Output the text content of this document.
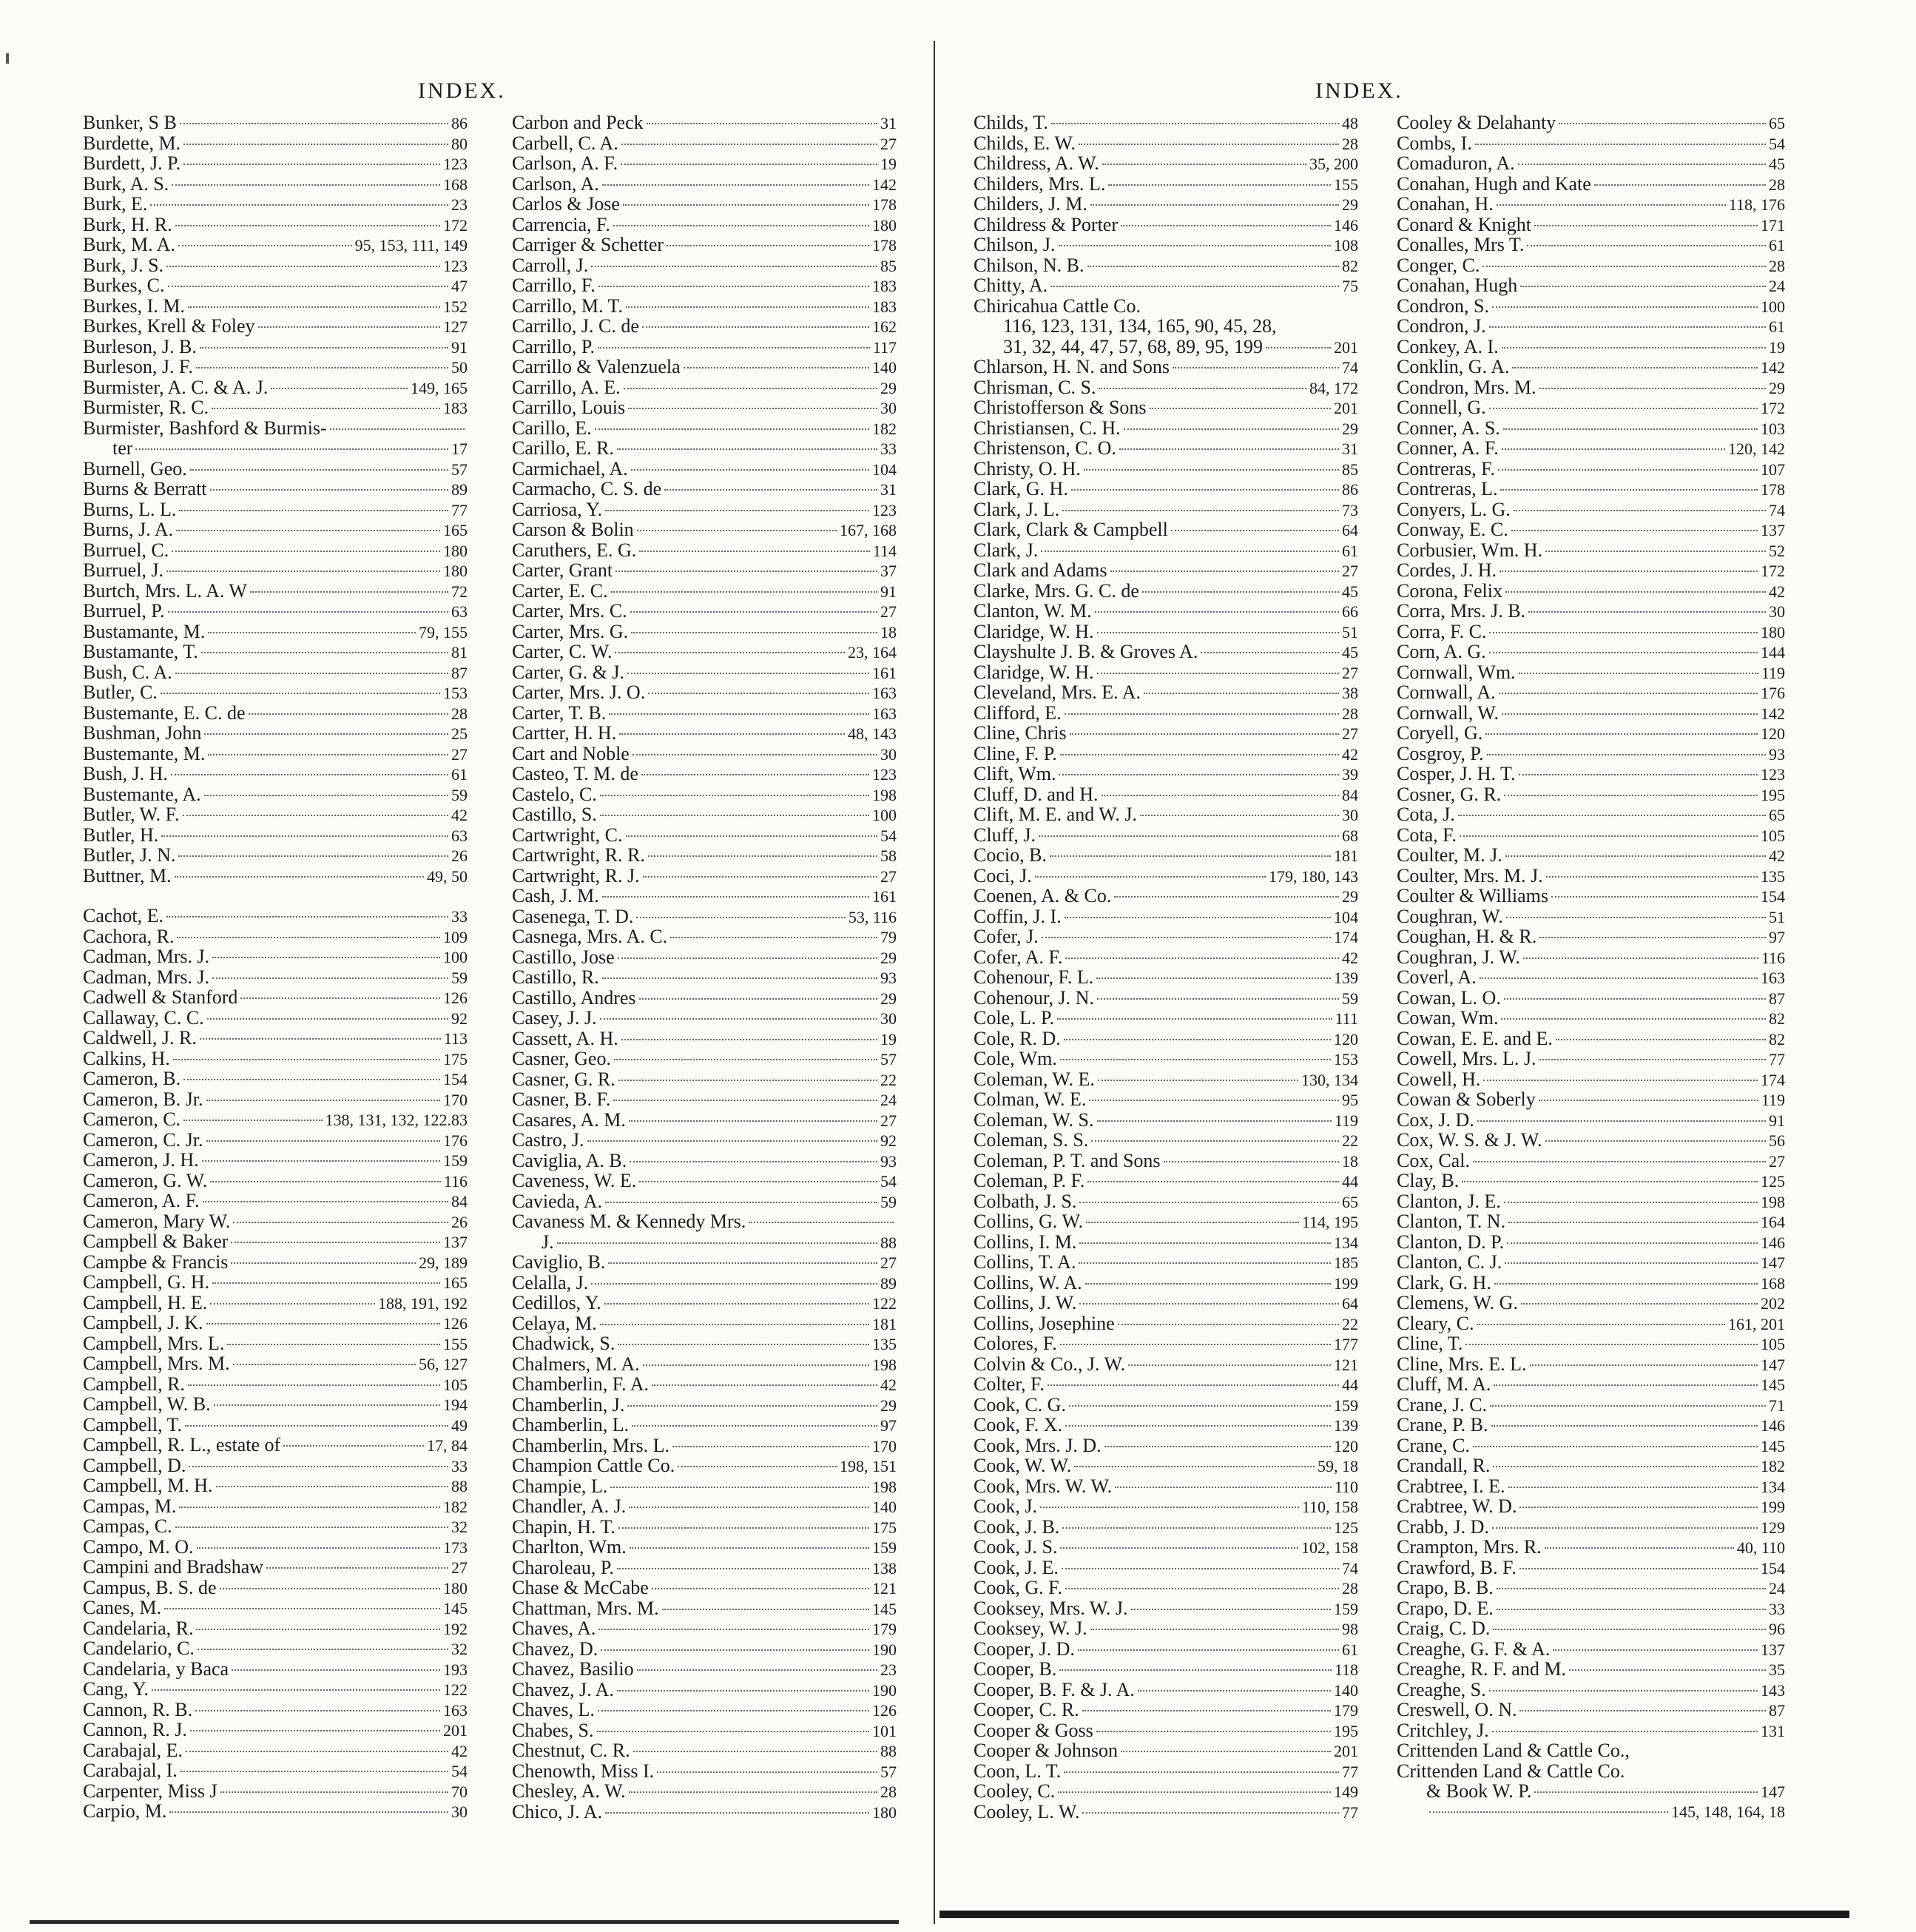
INDEX.	INDEX.
Bunker, S B	86
Burdette, M.	80
Burdett, J. P.	123
Burk, A. S.	168
Burk, E.	23
Burk, H. R.	172
Burk, M. A.	95, 153, 111, 149
Burk, J. S.	123
Burkes, C.	47
Burkes, I. M.	152
Burkes, Krell & Foley	127
Burleson, J. B.	91
Burleson, J. F.	50
Burmister, A. C. & A. J.	149, 165
Burmister, R. C.	183
Burmister, Bashford & Burmis-
ter	17
Burnell, Geo.	57
Burns & Berratt	89
Burns, L. L.	77
Burns, J. A.	165
Burruel, C.	180
Burruel, J.	180
Burtch, Mrs. L. A. W	72
Burruel, P.	63
Bustamante, M.	79, 155
Bustamante, T.	81
Bush, C. A.	87
Butler, C.	153
Bustemante, E. C. de	28
Bushman, John	25
Bustemante, M.	27
Bush, J. H.	61
Bustemante, A.	59
Butler, W. F.	42
Butler, H.	63
Butler, J. N.	26
Buttner, M.	49, 50
Cachot, E.	33
Cachora, R.	109
Cadman, Mrs. J.	100
Cadman, Mrs. J.	59
Cadwell & Stanford	126
Callaway, C. C.	92
Caldwell, J. R.	113
Calkins, H.	175
Cameron, B.	154
Cameron, B. Jr.	170
Cameron, C.	138, 131, 132, 122.83
Cameron, C. Jr.	176
Cameron, J. H.	159
Cameron, G. W.	116
Cameron, A. F.	84
Cameron, Mary W.	26
Campbell & Baker	137
Campbe & Francis	29, 189
Campbell, G. H.	165
Campbell, H. E.	188, 191, 192
Campbell, J. K.	126
Campbell, Mrs. L.	155
Campbell, Mrs. M.	56, 127
Campbell, R.	105
Campbell, W. B.	194
Campbell, T.	49
Campbell, R. L., estate of	17, 84
Campbell, D.	33
Campbell, M. H.	88
Campas, M.	182
Campas, C.	32
Campo, M. O.	173
Campini and Bradshaw	27
Campus, B. S. de	180
Canes, M.	145
Candelaria, R.	192
Candelario, C.	32
Candelaria, y Baca	193
Cang, Y.	122
Cannon, R. B.	163
Cannon, R. J.	201
Carabajal, E.	42
Carabajal, I.	54
Carpenter, Miss J	70
Carpio, M.	30
Carbon and Peck	31
Carbell, C. A.	27
Carlson, A. F.	19
Carlson, A.	142
Carlos & Jose	178
Carrencia, F.	180
Carriger & Schetter	178
Carroll, J.	85
Carrillo, F.	183
Carrillo, M. T.	183
Carrillo, J. C. de	162
Carrillo, P.	117
Carrillo & Valenzuela	140
Carrillo, A. E.	29
Carrillo, Louis	30
Carillo, E.	182
Carillo, E. R.	33
Carmichael, A.	104
Carmacho, C. S. de	31
Carriosa, Y.	123
Carson & Bolin	167, 168
Caruthers, E. G.	114
Carter, Grant	37
Carter, E. C.	91
Carter, Mrs. C.	27
Carter, Mrs. G.	18
Carter, C. W.	23, 164
Carter, G. & J.	161
Carter, Mrs. J. O.	163
Carter, T. B.	163
Cartter, H. H.	48, 143
Cart and Noble	30
Casteo, T. M. de	123
Castelo, C.	198
Castillo, S.	100
Cartwright, C.	54
Cartwright, R. R.	58
Cartwright, R. J.	27
Cash, J. M.	161
Casenega, T. D.	53, 116
Casnega, Mrs. A. C.	79
Castillo, Jose	29
Castillo, R.	93
Castillo, Andres	29
Casey, J. J.	30
Cassett, A. H.	19
Casner, Geo.	57
Casner, G. R.	22
Casner, B. F.	24
Casares, A. M.	27
Castro, J.	92
Caviglia, A. B.	93
Caveness, W. E.	54
Cavieda, A.	59
Cavaness M. & Kennedy Mrs.
J.	88
Caviglio, B.	27
Celalla, J.	89
Cedillos, Y.	122
Celaya, M.	181
Chadwick, S.	135
Chalmers, M. A.	198
Chamberlin, F. A.	42
Chamberlin, J.	29
Chamberlin, L.	97
Chamberlin, Mrs. L.	170
Champion Cattle Co.	198, 151
Champie, L.	198
Chandler, A. J.	140
Chapin, H. T.	175
Charlton, Wm.	159
Charoleau, P.	138
Chase & McCabe	121
Chattman, Mrs. M.	145
Chaves, A.	179
Chavez, D.	190
Chavez, Basilio	23
Chavez, J. A.	190
Chaves, L.	126
Chabes, S.	101
Chestnut, C. R.	88
Chenowth, Miss I.	57
Chesley, A. W.	28
Chico, J. A.	180
Childs, T.	48
Childs, E. W.	28
Childress, A. W.	35, 200
Childers, Mrs. L.	155
Childers, J. M.	29
Childress & Porter	146
Chilson, J.	108
Chilson, N. B.	82
Chitty, A.	75
Chiricahua Cattle Co.
116, 123, 131, 134, 165, 90, 45, 28,
31, 32, 44, 47, 57, 68, 89, 95, 199	201
Chlarson, H. N. and Sons	74
Chrisman, C. S.	84, 172
Christofferson & Sons	201
Christiansen, C. H.	29
Christenson, C. O.	31
Christy, O. H.	85
Clark, G. H.	86
Clark, J. L.	73
Clark, Clark & Campbell	64
Clark, J.	61
Clark and Adams	27
Clarke, Mrs. G. C. de	45
Clanton, W. M.	66
Claridge, W. H.	51
Clayshulte J. B. & Groves A.	45
Claridge, W. H.	27
Cleveland, Mrs. E. A.	38
Clifford, E.	28
Cline, Chris	27
Cline, F. P.	42
Clift, Wm.	39
Cluff, D. and H.	84
Clift, M. E. and W. J.	30
Cluff, J.	68
Cocio, B.	181
Coci, J.	179, 180, 143
Coenen, A. & Co.	29
Coffin, J. I.	104
Cofer, J.	174
Cofer, A. F.	42
Cohenour, F. L.	139
Cohenour, J. N.	59
Cole, L. P.	111
Cole, R. D.	120
Cole, Wm.	153
Coleman, W. E.	130, 134
Colman, W. E.	95
Coleman, W. S.	119
Coleman, S. S.	22
Coleman, P. T. and Sons	18
Coleman, P. F.	44
Colbath, J. S.	65
Collins, G. W.	114, 195
Collins, I. M.	134
Collins, T. A.	185
Collins, W. A.	199
Collins, J. W.	64
Collins, Josephine	22
Colores, F.	177
Colvin & Co., J. W.	121
Colter, F.	44
Cook, C. G.	159
Cook, F. X.	139
Cook, Mrs. J. D.	120
Cook, W. W.	59, 18
Cook, Mrs. W. W.	110
Cook, J.	110, 158
Cook, J. B.	125
Cook, J. S.	102, 158
Cook, J. E.	74
Cook, G. F.	28
Cooksey, Mrs. W. J.	159
Cooksey, W. J.	98
Cooper, J. D.	61
Cooper, B.	118
Cooper, B. F. & J. A.	140
Cooper, C. R.	179
Cooper & Goss	195
Cooper & Johnson	201
Coon, L. T.	77
Cooley, C.	149
Cooley, L. W.	77
Cooley & Delahanty	65
Combs, I.	54
Comaduron, A.	45
Conahan, Hugh and Kate	28
Conahan, H.	118, 176
Conard & Knight	171
Conalles, Mrs T.	61
Conger, C.	28
Conahan, Hugh	24
Condron, S.	100
Condron, J.	61
Conkey, A. I.	19
Conklin, G. A.	142
Condron, Mrs. M.	29
Connell, G.	172
Conner, A. S.	103
Conner, A. F.	120, 142
Contreras, F.	107
Contreras, L.	178
Conyers, L. G.	74
Conway, E. C.	137
Corbusier, Wm. H.	52
Cordes, J. H.	172
Corona, Felix	42
Corra, Mrs. J. B.	30
Corra, F. C.	180
Corn, A. G.	144
Cornwall, Wm.	119
Cornwall, A.	176
Cornwall, W.	142
Coryell, G.	120
Cosgroy, P.	93
Cosper, J. H. T.	123
Cosner, G. R.	195
Cota, J.	65
Cota, F.	105
Coulter, M. J.	42
Coulter, Mrs. M. J.	135
Coulter & Williams	154
Coughran, W.	51
Coughan, H. & R.	97
Coughran, J. W.	116
Coverl, A.	163
Cowan, L. O.	87
Cowan, Wm.	82
Cowan, E. E. and E.	82
Cowell, Mrs. L. J.	77
Cowell, H.	174
Cowan & Soberly	119
Cox, J. D.	91
Cox, W. S. & J. W.	56
Cox, Cal.	27
Clay, B.	125
Clanton, J. E.	198
Clanton, T. N.	164
Clanton, D. P.	146
Clanton, C. J.	147
Clark, G. H.	168
Clemens, W. G.	202
Cleary, C.	161, 201
Cline, T.	105
Cline, Mrs. E. L.	147
Cluff, M. A.	145
Crane, J. C.	71
Crane, P. B.	146
Crane, C.	145
Crandall, R.	182
Crabtree, I. E.	134
Crabtree, W. D.	199
Crabb, J. D.	129
Crampton, Mrs. R.	40, 110
Crawford, B. F.	154
Crapo, B. B.	24
Crapo, D. E.	33
Craig, C. D.	96
Creaghe, G. F. & A.	137
Creaghe, R. F. and M.	35
Creaghe, S.	143
Creswell, O. N.	87
Critchley, J.	131
Crittenden Land & Cattle Co.,
Crittenden Land & Cattle Co.
& Book W. P.	147
145, 148, 164, 18
